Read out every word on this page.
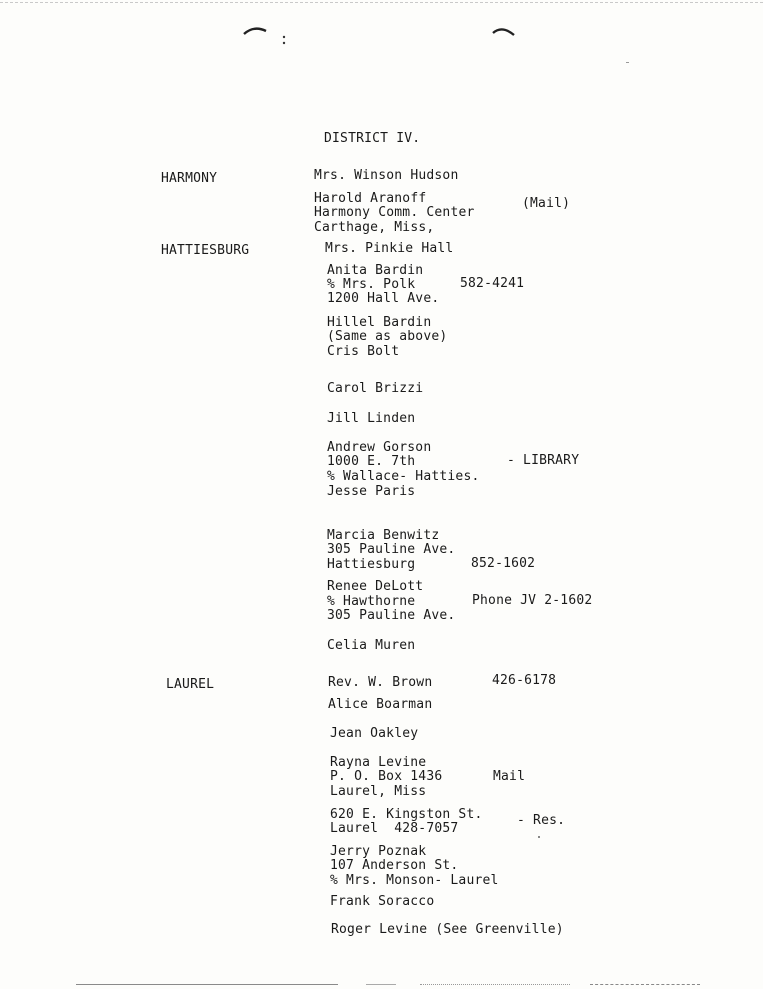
DISTRICT IV.
HARMONY	Mrs. Winson Hudson
Harold Aranoff	(Mail)
Harmony Comm. Center
Carthage, Miss,
HATTIESBURG	Mrs. Pinkie Hall
Anita Bardin
% Mrs. Polk	582-4241
1200 Hall Ave.
Hillel Bardin
(Same as above)
Cris Bolt
Carol Brizzi
Jill Linden
Andrew Gorson
1000 E. 7th	- LIBRARY
% Wallace- Hatties.
Jesse Paris
Marcia Benwitz
305 Pauline Ave.
Hattiesburg	852-1602
Renee DeLott
% Hawthorne	Phone JV 2-1602
305 Pauline Ave.
Celia Muren
LAUREL	Rev. W. Brown	426-6178
Alice Boarman
Jean Oakley
Rayna Levine
P. O. Box 1436	Mail
Laurel, Miss
620 E. Kingston St.	- Res.
Laurel  428-7057
Jerry Poznak
107 Anderson St.
% Mrs. Monson- Laurel
Frank Soracco
Roger Levine (See Greenville)
